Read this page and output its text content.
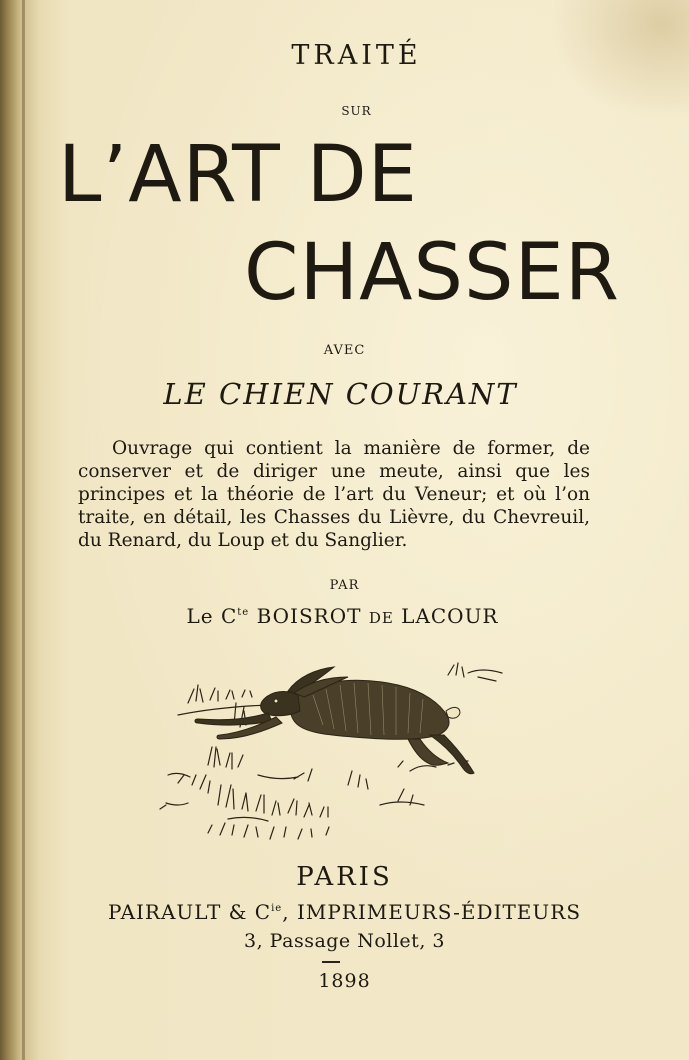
TRAITÉ
SUR
L’ART DE
CHASSER
AVEC
LE CHIEN COURANT
Ouvrage qui contient la manière de former, de conserver et de diriger une meute, ainsi que les principes et la théorie de l’art du Veneur; et où l’on traite, en détail, les Chasses du Lièvre, du Chevreuil, du Renard, du Loup et du Sanglier.
PAR
Le $C^{te}$ BOISROT DE LACOUR
PARIS
PAIRAULT & $C^{ie}$, IMPRIMEURS-ÉDITEURS
3, Passage Nollet, 3
1898
